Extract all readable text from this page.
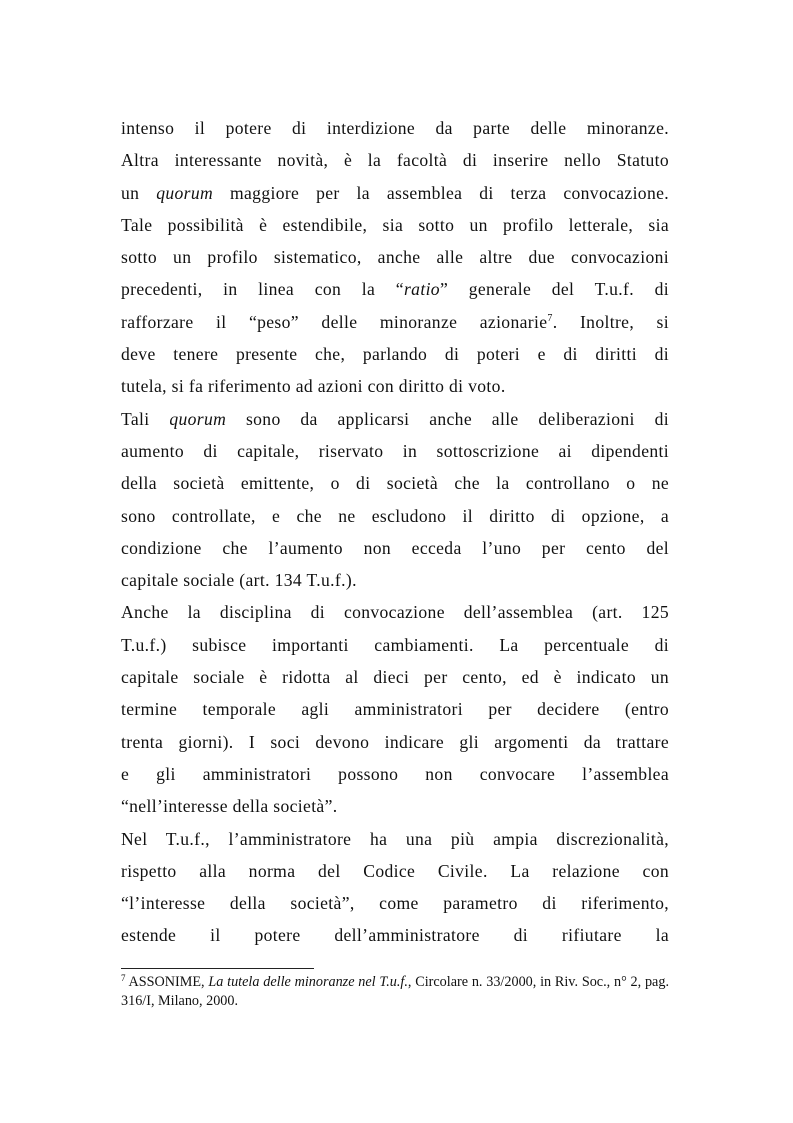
intenso il potere di interdizione da parte delle minoranze.
Altra interessante novità, è la facoltà di inserire nello Statuto
un quorum maggiore per la assemblea di terza convocazione.
Tale possibilità è estendibile, sia sotto un profilo letterale, sia
sotto un profilo sistematico, anche alle altre due convocazioni
precedenti, in linea con la “ratio” generale del T.u.f. di
rafforzare il “peso” delle minoranze azionarie$^7$. Inoltre, si
deve tenere presente che, parlando di poteri e di diritti di
tutela, si fa riferimento ad azioni con diritto di voto.
Tali quorum sono da applicarsi anche alle deliberazioni di
aumento di capitale, riservato in sottoscrizione ai dipendenti
della società emittente, o di società che la controllano o ne
sono controllate, e che ne escludono il diritto di opzione, a
condizione che l’aumento non ecceda l’uno per cento del
capitale sociale (art. 134 T.u.f.).
Anche la disciplina di convocazione dell’assemblea (art. 125
T.u.f.) subisce importanti cambiamenti. La percentuale di
capitale sociale è ridotta al dieci per cento, ed è indicato un
termine temporale agli amministratori per decidere (entro
trenta giorni). I soci devono indicare gli argomenti da trattare
e gli amministratori possono non convocare l’assemblea
“nell’interesse della società”.
Nel T.u.f., l’amministratore ha una più ampia discrezionalità,
rispetto alla norma del Codice Civile. La relazione con
“l’interesse della società”, come parametro di riferimento,
estende il potere dell’amministratore di rifiutare la
$^7$ ASSONIME, La tutela delle minoranze nel T.u.f., Circolare n. 33/2000, in Riv. Soc., n° 2, pag. 316/I, Milano, 2000.
